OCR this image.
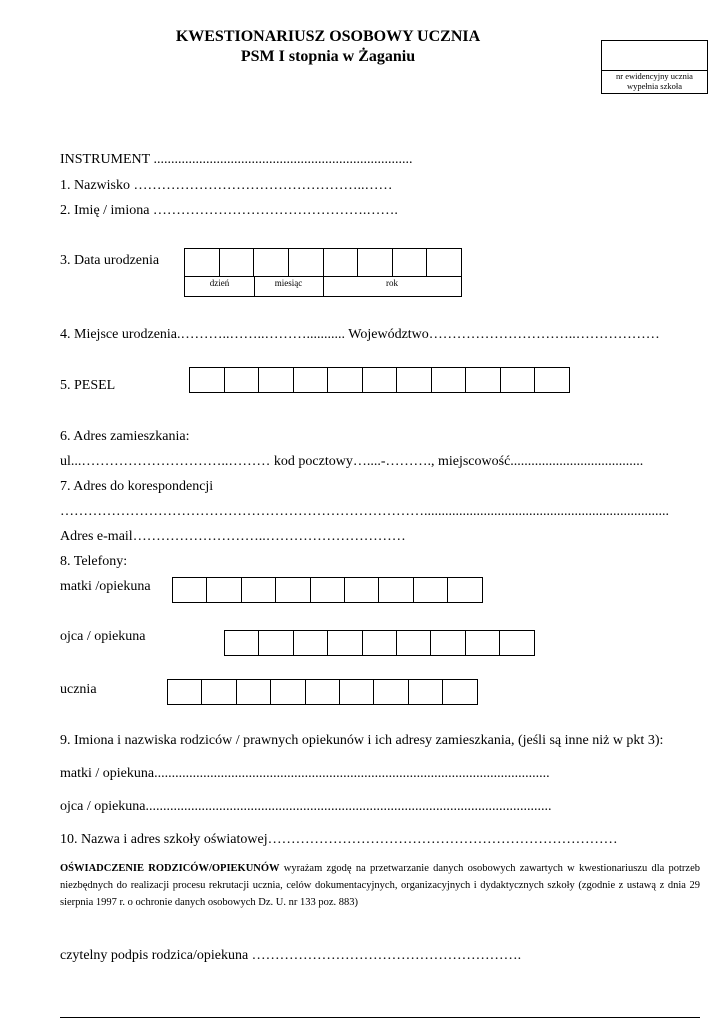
KWESTIONARIUSZ OSOBOWY UCZNIA
PSM I stopnia w Żaganiu
nr ewidencyjny ucznia
wypełnia szkoła
INSTRUMENT ..........................................................................
1. Nazwisko …………………………………………..……
2. Imię / imiona ……………………………………….…….
3. Data urodzenia
dzień	miesiąc	rok
4. Miejsce urodzenia.………..……..………........... Województwo…………………………..………………
5. PESEL
6. Adres zamieszkania:
ul...…………………………..……… kod pocztowy…....-………., miejscowość......................................
7. Adres do korespondencji
……………………………………………………………………......................................................................
Adres e-mail………………………..…………………………
8. Telefony:
matki /opiekuna
ojca / opiekuna
ucznia
9. Imiona i nazwiska rodziców / prawnych opiekunów i ich adresy zamieszkania, (jeśli są inne niż w pkt 3):
matki / opiekuna.................................................................................................................
ojca / opiekuna....................................................................................................................
10. Nazwa i adres szkoły oświatowej…………………………………………………………………
OŚWIADCZENIE RODZICÓW/OPIEKUNÓW wyrażam zgodę na przetwarzanie danych osobowych zawartych w kwestionariuszu dla potrzeb niezbędnych do realizacji procesu rekrutacji ucznia, celów dokumentacyjnych, organizacyjnych i dydaktycznych szkoły (zgodnie z ustawą z dnia 29 sierpnia 1997 r. o ochronie danych osobowych Dz. U. nr 133 poz. 883)
czytelny podpis rodzica/opiekuna ………………………………………………….
